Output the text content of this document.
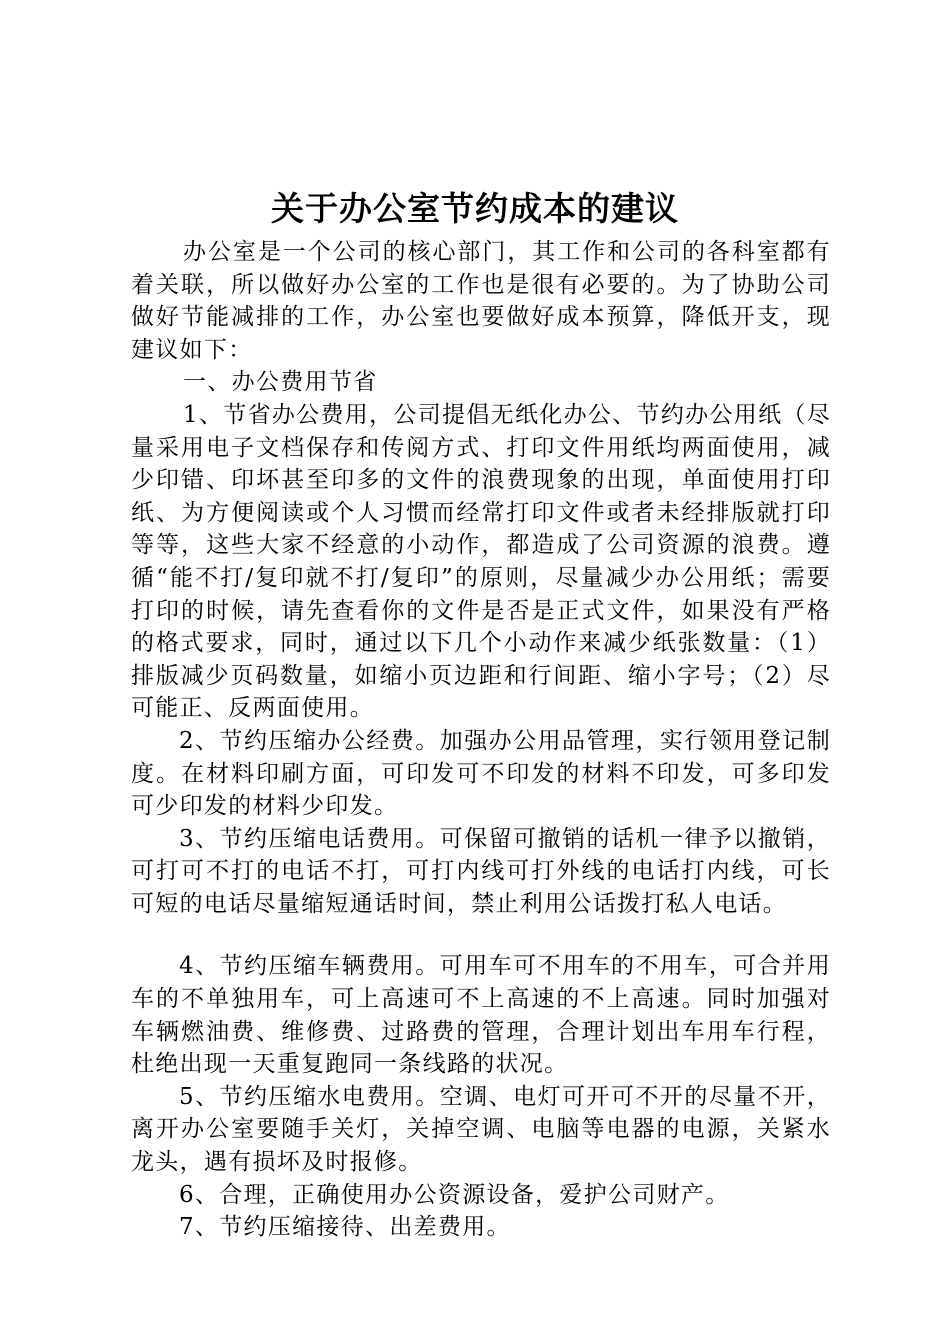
关于办公室节约成本的建议

办公室是一个公司的核心部门，其工作和公司的各科室都有着关联，所以做好办公室的工作也是很有必要的。为了协助公司做好节能减排的工作，办公室也要做好成本预算，降低开支，现建议如下：

一、办公费用节省

1、节省办公费用，公司提倡无纸化办公、节约办公用纸（尽量采用电子文档保存和传阅方式、打印文件用纸均两面使用，减少印错、印坏甚至印多的文件的浪费现象的出现，单面使用打印纸、为方便阅读或个人习惯而经常打印文件或者未经排版就打印等等，这些大家不经意的小动作，都造成了公司资源的浪费。遵循“能不打/复印就不打/复印”的原则，尽量减少办公用纸；需要打印的时候，请先查看你的文件是否是正式文件，如果没有严格的格式要求，同时，通过以下几个小动作来减少纸张数量：（1）排版减少页码数量，如缩小页边距和行间距、缩小字号；（2）尽可能正、反两面使用。

2、节约压缩办公经费。加强办公用品管理，实行领用登记制度。在材料印刷方面，可印发可不印发的材料不印发，可多印发可少印发的材料少印发。

3、节约压缩电话费用。可保留可撤销的话机一律予以撤销，可打可不打的电话不打，可打内线可打外线的电话打内线，可长可短的电话尽量缩短通话时间，禁止利用公话拨打私人电话。

4、节约压缩车辆费用。可用车可不用车的不用车，可合并用车的不单独用车，可上高速可不上高速的不上高速。同时加强对车辆燃油费、维修费、过路费的管理，合理计划出车用车行程，杜绝出现一天重复跑同一条线路的状况。

5、节约压缩水电费用。空调、电灯可开可不开的尽量不开，离开办公室要随手关灯，关掉空调、电脑等电器的电源，关紧水龙头，遇有损坏及时报修。

6、合理，正确使用办公资源设备，爱护公司财产。

7、节约压缩接待、出差费用。
